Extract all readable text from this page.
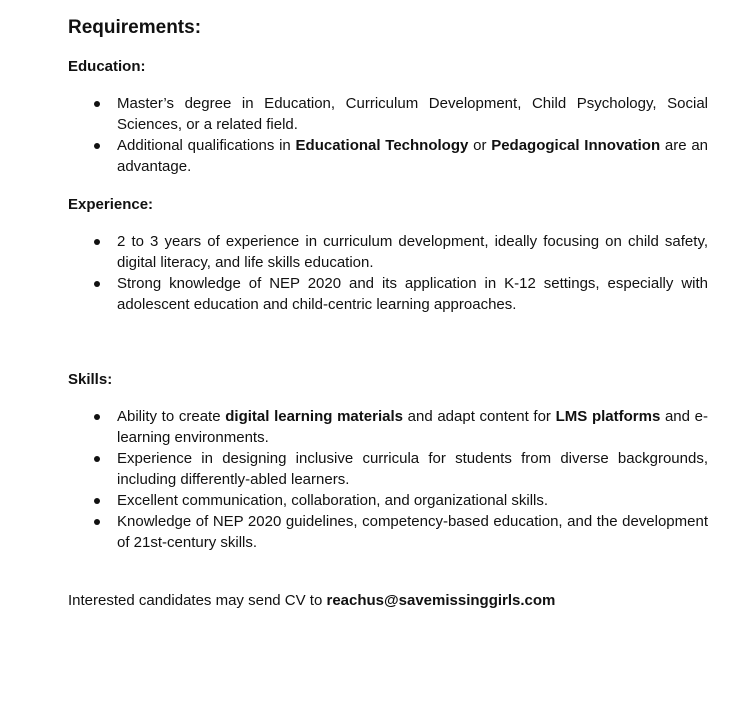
Requirements:
Education:
Master’s degree in Education, Curriculum Development, Child Psychology, Social Sciences, or a related field.
Additional qualifications in Educational Technology or Pedagogical Innovation are an advantage.
Experience:
2 to 3 years of experience in curriculum development, ideally focusing on child safety, digital literacy, and life skills education.
Strong knowledge of NEP 2020 and its application in K-12 settings, especially with adolescent education and child-centric learning approaches.
Skills:
Ability to create digital learning materials and adapt content for LMS platforms and e-learning environments.
Experience in designing inclusive curricula for students from diverse backgrounds, including differently-abled learners.
Excellent communication, collaboration, and organizational skills.
Knowledge of NEP 2020 guidelines, competency-based education, and the development of 21st-century skills.

Interested candidates may send CV to reachus@savemissinggirls.com
